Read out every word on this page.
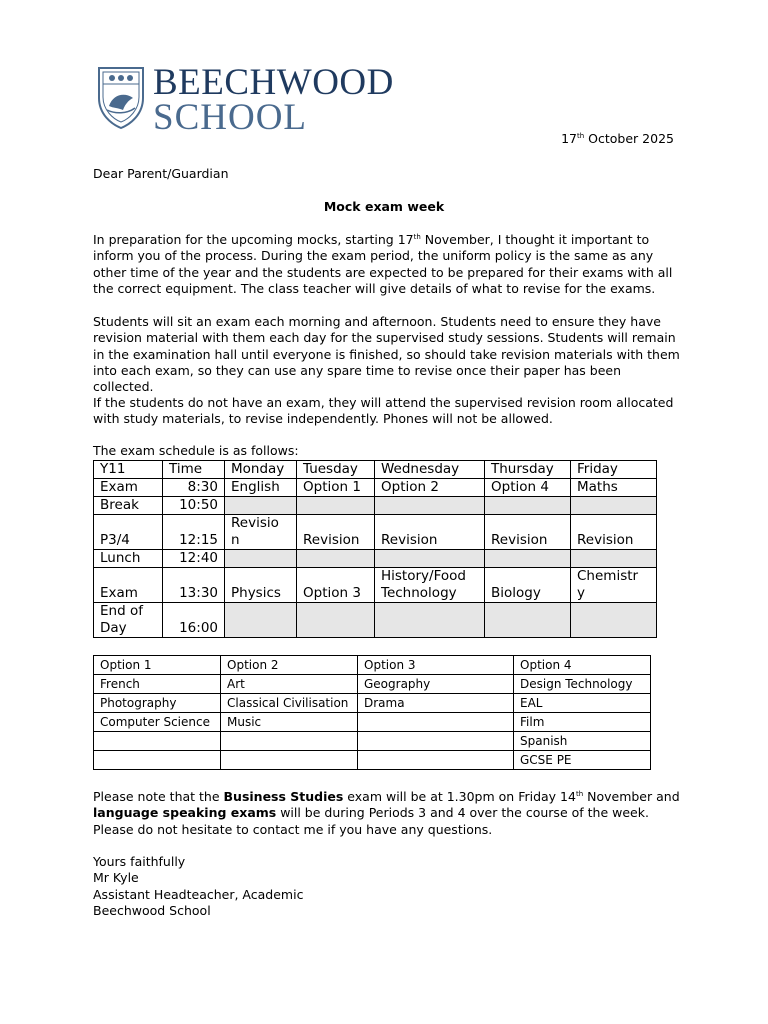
BEECHWOOD
SCHOOL
17th October 2025

Dear Parent/Guardian

Mock exam week

In preparation for the upcoming mocks, starting 17th November, I thought it important to inform you of the process. During the exam period, the uniform policy is the same as any other time of the year and the students are expected to be prepared for their exams with all the correct equipment. The class teacher will give details of what to revise for the exams.

Students will sit an exam each morning and afternoon. Students need to ensure they have revision material with them each day for the supervised study sessions. Students will remain in the examination hall until everyone is finished, so should take revision materials with them into each exam, so they can use any spare time to revise once their paper has been collected.

If the students do not have an exam, they will attend the supervised revision room allocated with study materials, to revise independently. Phones will not be allowed.

The exam schedule is as follows:

Y11	Time	Monday	Tuesday	Wednesday	Thursday	Friday
Exam	8:30	English	Option 1	Option 2	Option 4	Maths
Break	10:50					
P3/4	12:15	Revisio n	Revision	Revision	Revision	Revision
Lunch	12:40					
Exam	13:30	Physics	Option 3	History/Food Technology	Biology	Chemistr y
End of Day	16:00					
Option 1	Option 2	Option 3	Option 4
French	Art	Geography	Design Technology
Photography	Classical Civilisation	Drama	EAL
Computer Science	Music		Film
			Spanish
			GCSE PE

Please note that the Business Studies exam will be at 1.30pm on Friday 14th November and language speaking exams will be during Periods 3 and 4 over the course of the week. Please do not hesitate to contact me if you have any questions.

Yours faithfully
Mr Kyle
Assistant Headteacher, Academic
Beechwood School
